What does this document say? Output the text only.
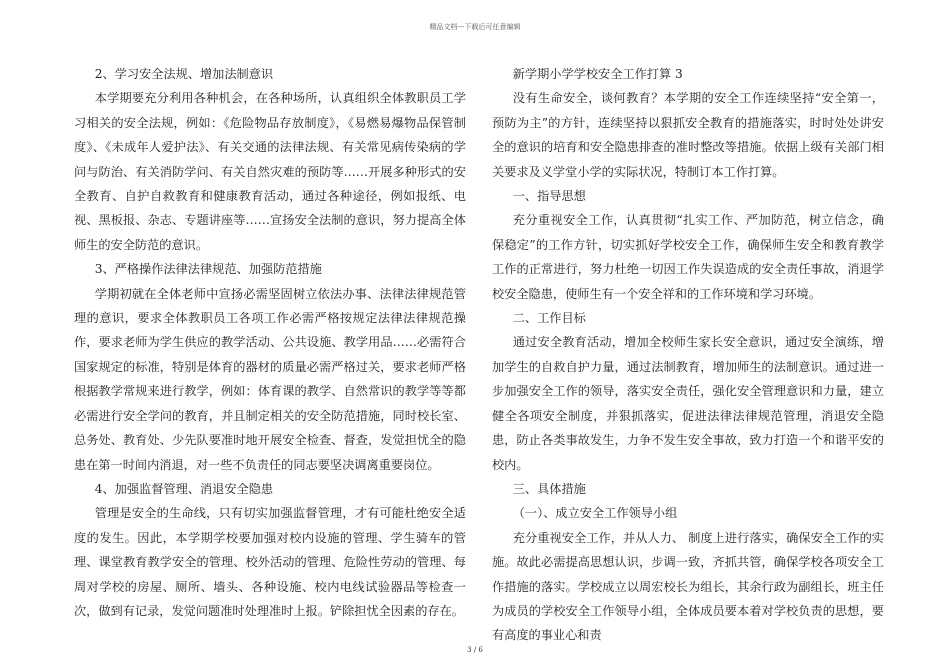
精品文档---下载后可任意编辑

2、学习安全法规、增加法制意识

本学期要充分利用各种机会，在各种场所，认真组织全体教职员工学习相关的安全法规，例如：《危险物品存放制度》，《易燃易爆物品保管制度》、《未成年人爱护法》、有关交通的法律法规、有关常见病传染病的学问与防治、有关消防学问、有关自然灾难的预防等……开展多种形式的安全教育、自护自救教育和健康教育活动，通过各种途径，例如报纸、电视、黑板报、杂志、专题讲座等……宣扬安全法制的意识，努力提高全体师生的安全防范的意识。

3、严格操作法律法律规范、加强防范措施

学期初就在全体老师中宣扬必需坚固树立依法办事、法律法律规范管理的意识，要求全体教职员工各项工作必需严格按规定法律法律规范操作，要求老师为学生供应的教学活动、公共设施、教学用品……必需符合国家规定的标准，特别是体育的器材的质量必需严格过关，要求老师严格根据教学常规来进行教学，例如：体育课的教学、自然常识的教学等等都必需进行安全学问的教育，并且制定相关的安全防范措施，同时校长室、总务处、教育处、少先队要准时地开展安全检查、督查，发觉担忧全的隐患在第一时间内消退，对一些不负责任的同志要坚决调离重要岗位。

4、加强监督管理、消退安全隐患

管理是安全的生命线，只有切实加强监督管理，才有可能杜绝安全适度的发生。因此，本学期学校要加强对校内设施的管理、学生骑车的管理、课堂教育教学安全的管理、校外活动的管理、危险性劳动的管理、每周对学校的房屋、厕所、墙头、各种设施、校内电线试验器品等检查一次，做到有记录，发觉问题准时处理准时上报。铲除担忧全因素的存在。

新学期小学学校安全工作打算 3

没有生命安全，谈何教育？本学期的安全工作连续坚持“安全第一，预防为主”的方针，连续坚持以狠抓安全教育的措施落实，时时处处讲安全的意识的培育和安全隐患排查的准时整改等措施。依据上级有关部门相关要求及义学堂小学的实际状况，特制订本工作打算。

一、指导思想

充分重视安全工作，认真贯彻“扎实工作、严加防范，树立信念，确保稳定”的工作方针，切实抓好学校安全工作，确保师生安全和教育教学工作的正常进行，努力杜绝一切因工作失误造成的安全责任事故，消退学校安全隐患，使师生有一个安全祥和的工作环境和学习环境。

二、工作目标

通过安全教育活动，增加全校师生家长安全意识，通过安全演练，增加学生的自救自护力量，通过法制教育，增加师生的法制意识。通过进一步加强安全工作的领导，落实安全责任，强化安全管理意识和力量，建立健全各项安全制度，并狠抓落实，促进法律法律规范管理，消退安全隐患，防止各类事故发生，力争不发生安全事故，致力打造一个和谐平安的校内。

三、具体措施

（一）、成立安全工作领导小组

充分重视安全工作，并从人力、 制度上进行落实，确保安全工作的实施。故此必需提高思想认识，步调一致，齐抓共管，确保学校各项安全工作措施的落实。学校成立以周宏校长为组长，其余行政为副组长，班主任为成员的学校安全工作领导小组，全体成员要本着对学校负责的思想，要有高度的事业心和责

3 / 6
